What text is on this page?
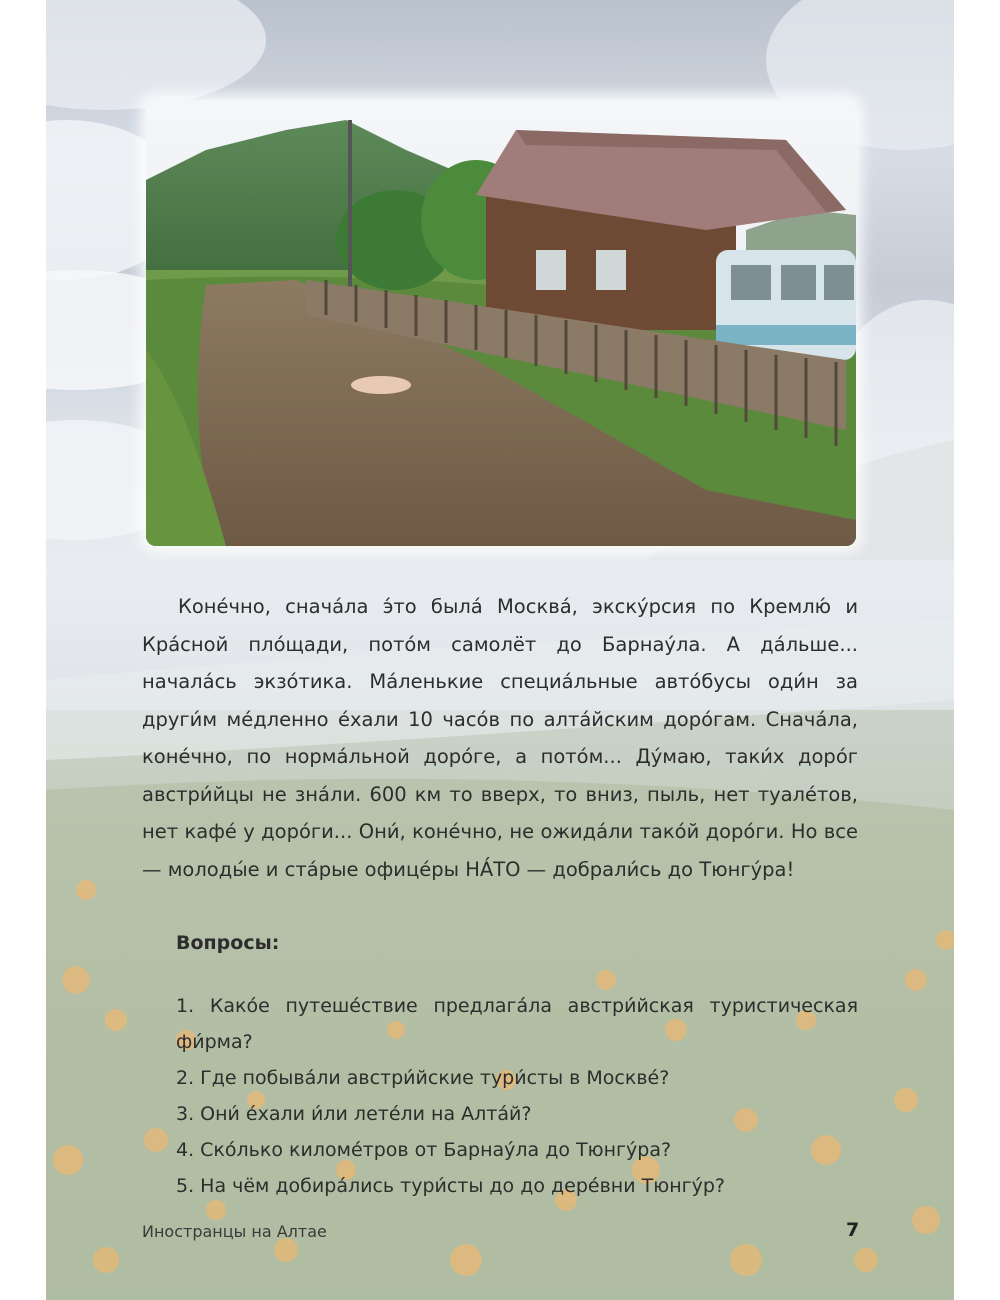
Коне́чно, снача́ла э́то была́ Москва́, экску́рсия по Кремлю́ и Кра́сной пло́щади, пото́м самолёт до Барнау́ла. А да́льше... начала́сь экзо́тика. Ма́ленькие специа́льные авто́бусы оди́н за други́м ме́дленно е́хали 10 часо́в по алта́йским доро́гам. Снача́ла, коне́чно, по норма́льной доро́ге, а пото́м... Ду́маю, таки́х доро́г австри́йцы не зна́ли. 600 км то вверх, то вниз, пыль, нет туале́тов, нет кафе́ у доро́ги... Они́, коне́чно, не ожида́ли тако́й доро́ги. Но все — молоды́е и ста́рые офице́ры НА́ТО — добрали́сь до Тюнгу́ра!

Вопросы:

1. Како́е путеше́ствие предлага́ла австри́йская туристическая фи́рма?
2. Где побыва́ли австри́йские тури́сты в Москве́?
3. Они́ е́хали и́ли лете́ли на Алта́й?
4. Ско́лько киломе́тров от Барнау́ла до Тюнгу́ра?
5. На чём добира́лись тури́сты до до дере́вни Тюнгу́р?
Иностранцы на Алтае	7
